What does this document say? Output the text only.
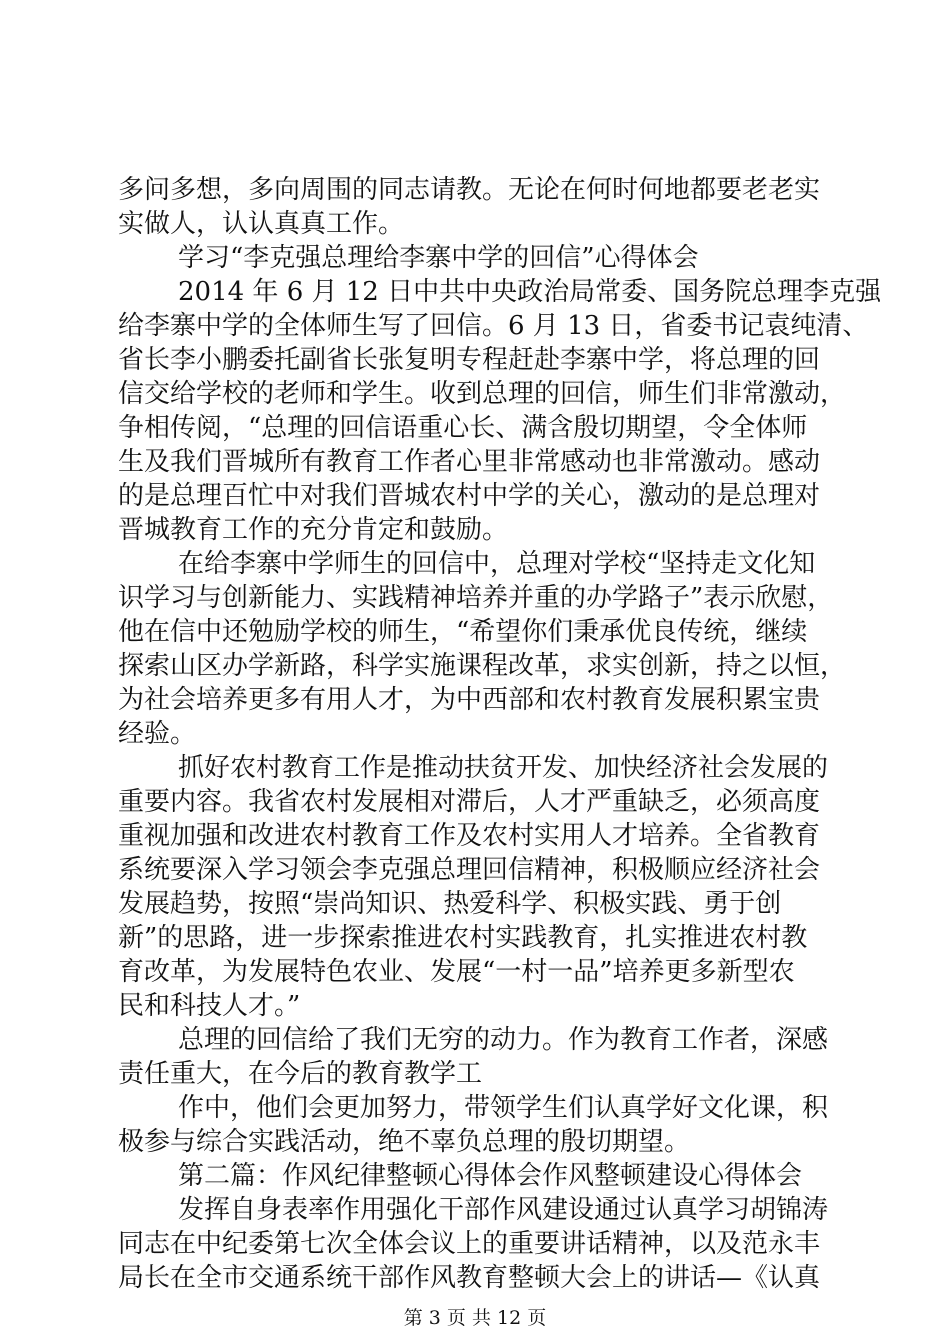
多问多想，多向周围的同志请教。无论在何时何地都要老老实
实做人，认认真真工作。
学习“李克强总理给李寨中学的回信”心得体会
2014 年 6 月 12 日中共中央政治局常委、国务院总理李克强
给李寨中学的全体师生写了回信。6 月 13 日，省委书记袁纯清、
省长李小鹏委托副省长张复明专程赶赴李寨中学，将总理的回
信交给学校的老师和学生。收到总理的回信，师生们非常激动，
争相传阅，“总理的回信语重心长、满含殷切期望，令全体师
生及我们晋城所有教育工作者心里非常感动也非常激动。感动
的是总理百忙中对我们晋城农村中学的关心，激动的是总理对
晋城教育工作的充分肯定和鼓励。
在给李寨中学师生的回信中，总理对学校“坚持走文化知
识学习与创新能力、实践精神培养并重的办学路子”表示欣慰，
他在信中还勉励学校的师生，“希望你们秉承优良传统，继续
探索山区办学新路，科学实施课程改革，求实创新，持之以恒，
为社会培养更多有用人才，为中西部和农村教育发展积累宝贵
经验。
抓好农村教育工作是推动扶贫开发、加快经济社会发展的
重要内容。我省农村发展相对滞后，人才严重缺乏，必须高度
重视加强和改进农村教育工作及农村实用人才培养。全省教育
系统要深入学习领会李克强总理回信精神，积极顺应经济社会
发展趋势，按照“崇尚知识、热爱科学、积极实践、勇于创
新”的思路，进一步探索推进农村实践教育，扎实推进农村教
育改革，为发展特色农业、发展“一村一品”培养更多新型农
民和科技人才。”
总理的回信给了我们无穷的动力。作为教育工作者，深感
责任重大，在今后的教育教学工
作中，他们会更加努力，带领学生们认真学好文化课，积
极参与综合实践活动，绝不辜负总理的殷切期望。
第二篇：作风纪律整顿心得体会作风整顿建设心得体会
发挥自身表率作用强化干部作风建设通过认真学习胡锦涛
同志在中纪委第七次全体会议上的重要讲话精神，以及范永丰
局长在全市交通系统干部作风教育整顿大会上的讲话—《认真
第 3 页 共 12 页
